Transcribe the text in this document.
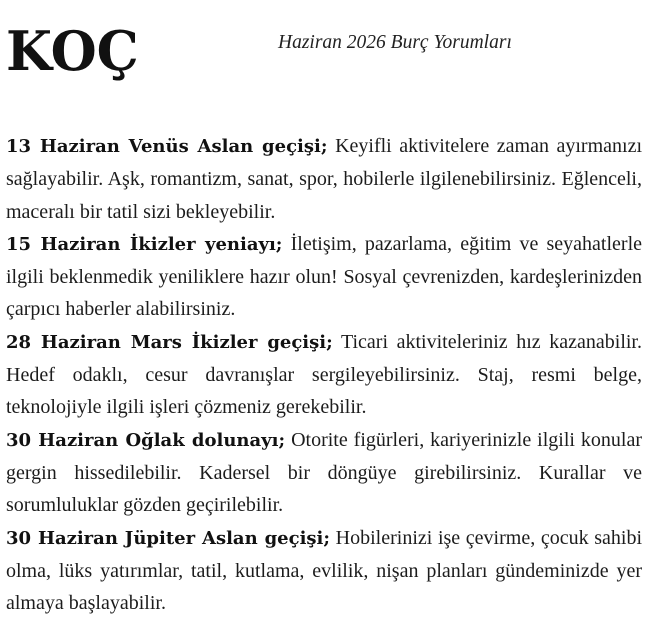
KOÇ	Haziran 2026 Burç Yorumları

13 Haziran Venüs Aslan geçişi; Keyifli aktivitelere zaman ayırmanızı sağlayabilir. Aşk, romantizm, sanat, spor, hobilerle ilgilenebilirsiniz. Eğlenceli, maceralı bir tatil sizi bekleyebilir.

15 Haziran İkizler yeniayı; İletişim, pazarlama, eğitim ve seyahatlerle ilgili beklenmedik yeniliklere hazır olun! Sosyal çevrenizden, kardeşlerinizden çarpıcı haberler alabilirsiniz.

28 Haziran Mars İkizler geçişi; Ticari aktiviteleriniz hız kazanabilir. Hedef odaklı, cesur davranışlar sergileyebilirsiniz. Staj, resmi belge, teknolojiyle ilgili işleri çözmeniz gerekebilir.

30 Haziran Oğlak dolunayı; Otorite figürleri, kariyerinizle ilgili konular gergin hissedilebilir. Kadersel bir döngüye girebilirsiniz. Kurallar ve sorumluluklar gözden geçirilebilir.

30 Haziran Jüpiter Aslan geçişi; Hobilerinizi işe çevirme, çocuk sahibi olma, lüks yatırımlar, tatil, kutlama, evlilik, nişan planları gündeminizde yer almaya başlayabilir.
